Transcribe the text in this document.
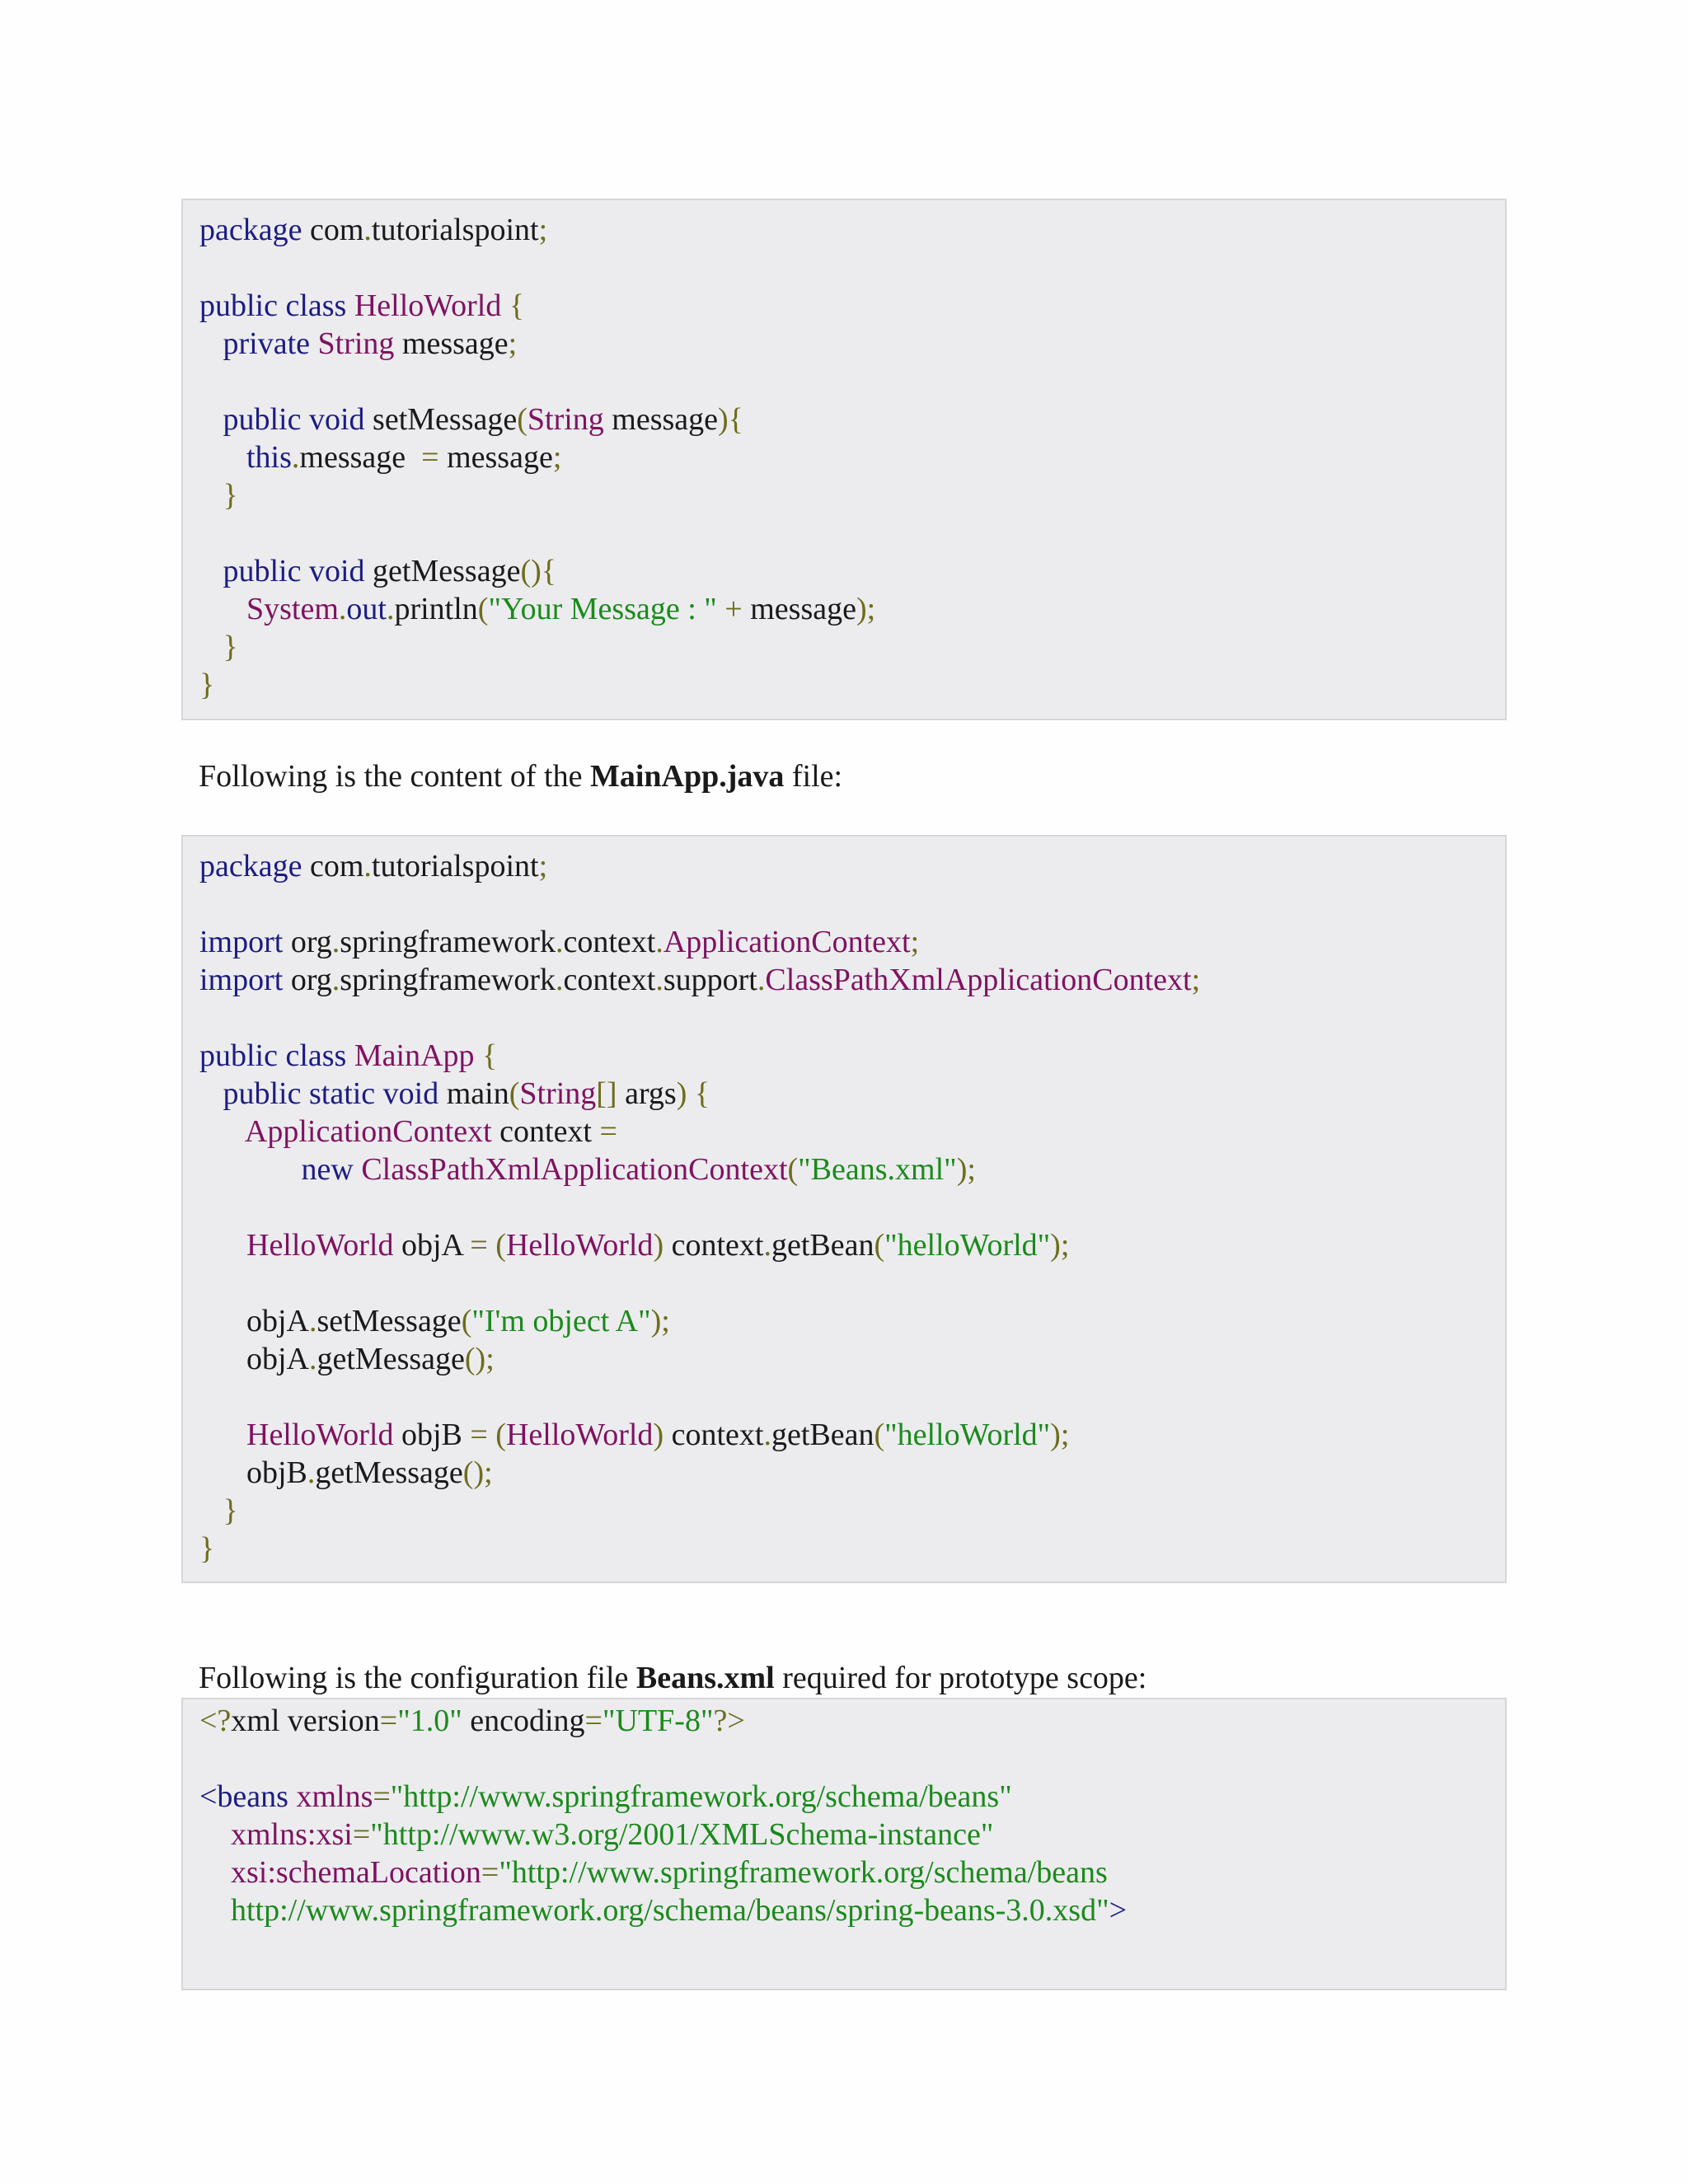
package com.tutorialspoint;

public class HelloWorld {
private String message;

public void setMessage(String message){
this.message  = message;
}

public void getMessage(){
System.out.println("Your Message : " + message);
}
}
Following is the content of the MainApp.java file:
package com.tutorialspoint;

import org.springframework.context.ApplicationContext;
import org.springframework.context.support.ClassPathXmlApplicationContext;

public class MainApp {
public static void main(String[] args) {
ApplicationContext context =
new ClassPathXmlApplicationContext("Beans.xml");

HelloWorld objA = (HelloWorld) context.getBean("helloWorld");

objA.setMessage("I'm object A");
objA.getMessage();

HelloWorld objB = (HelloWorld) context.getBean("helloWorld");
objB.getMessage();
}
}
Following is the configuration file Beans.xml required for prototype scope:
<?xml version="1.0" encoding="UTF-8"?>

<beans xmlns="http://www.springframework.org/schema/beans"
xmlns:xsi="http://www.w3.org/2001/XMLSchema-instance"
xsi:schemaLocation="http://www.springframework.org/schema/beans
http://www.springframework.org/schema/beans/spring-beans-3.0.xsd">
